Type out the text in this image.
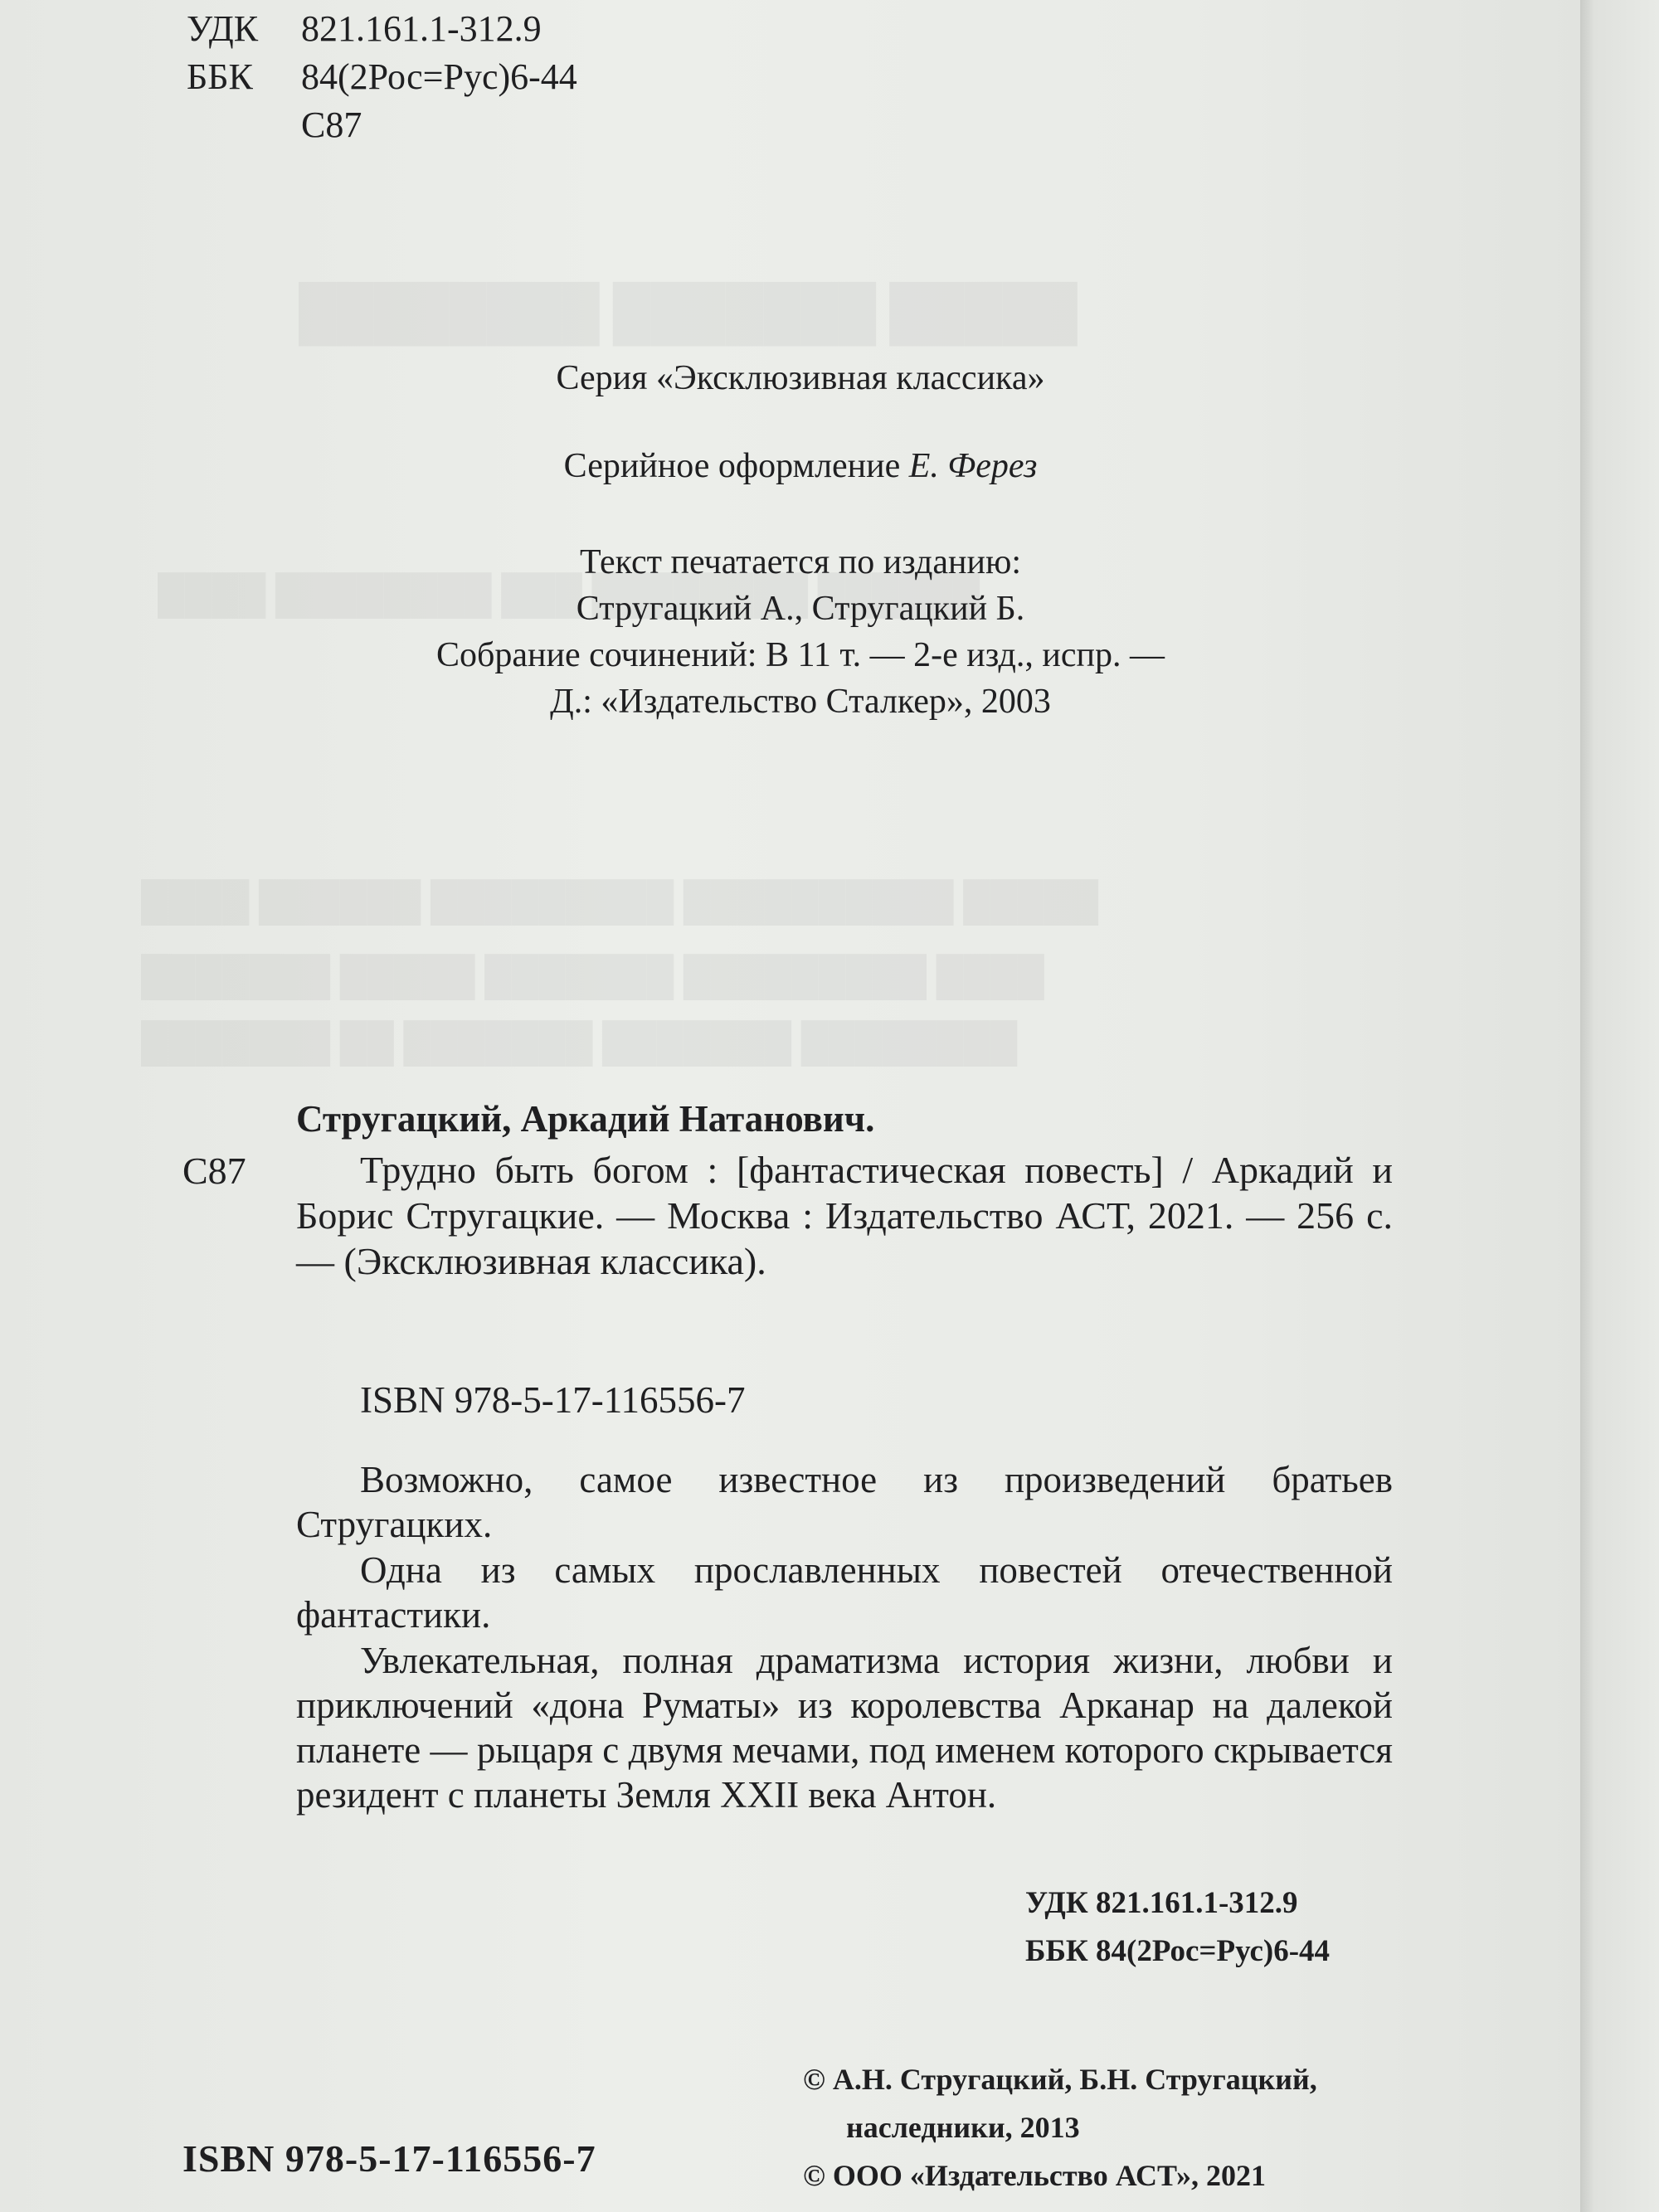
УДК	821.161.1-312.9
ББК	84(2Рос=Рус)6-44
С87
Серия «Эксклюзивная классика»
Серийное оформление Е. Ферез
Текст печатается по изданию:
Стругацкий А., Стругацкий Б.
Собрание сочинений: В 11 т. — 2-е изд., испр. —
Д.: «Издательство Сталкер», 2003
Стругацкий, Аркадий Натанович.
С87	Трудно быть богом : [фантастическая повесть] / Аркадий и Борис Стругацкие. — Москва : Издательство АСТ, 2021. — 256 с. — (Эксклюзивная классика).
ISBN 978-5-17-116556-7
Возможно, самое известное из произведений братьев Стругацких.
Одна из самых прославленных повестей отечественной фантастики.
Увлекательная, полная драматизма история жизни, любви и приключений «дона Руматы» из королевства Арканар на далекой планете — рыцаря с двумя мечами, под именем которого скрывается резидент с планеты Земля XXII века Антон.
УДК 821.161.1-312.9
ББК 84(2Рос=Рус)6-44
© А.Н. Стругацкий, Б.Н. Стругацкий,
наследники, 2013
© ООО «Издательство АСТ», 2021
ISBN 978-5-17-116556-7
